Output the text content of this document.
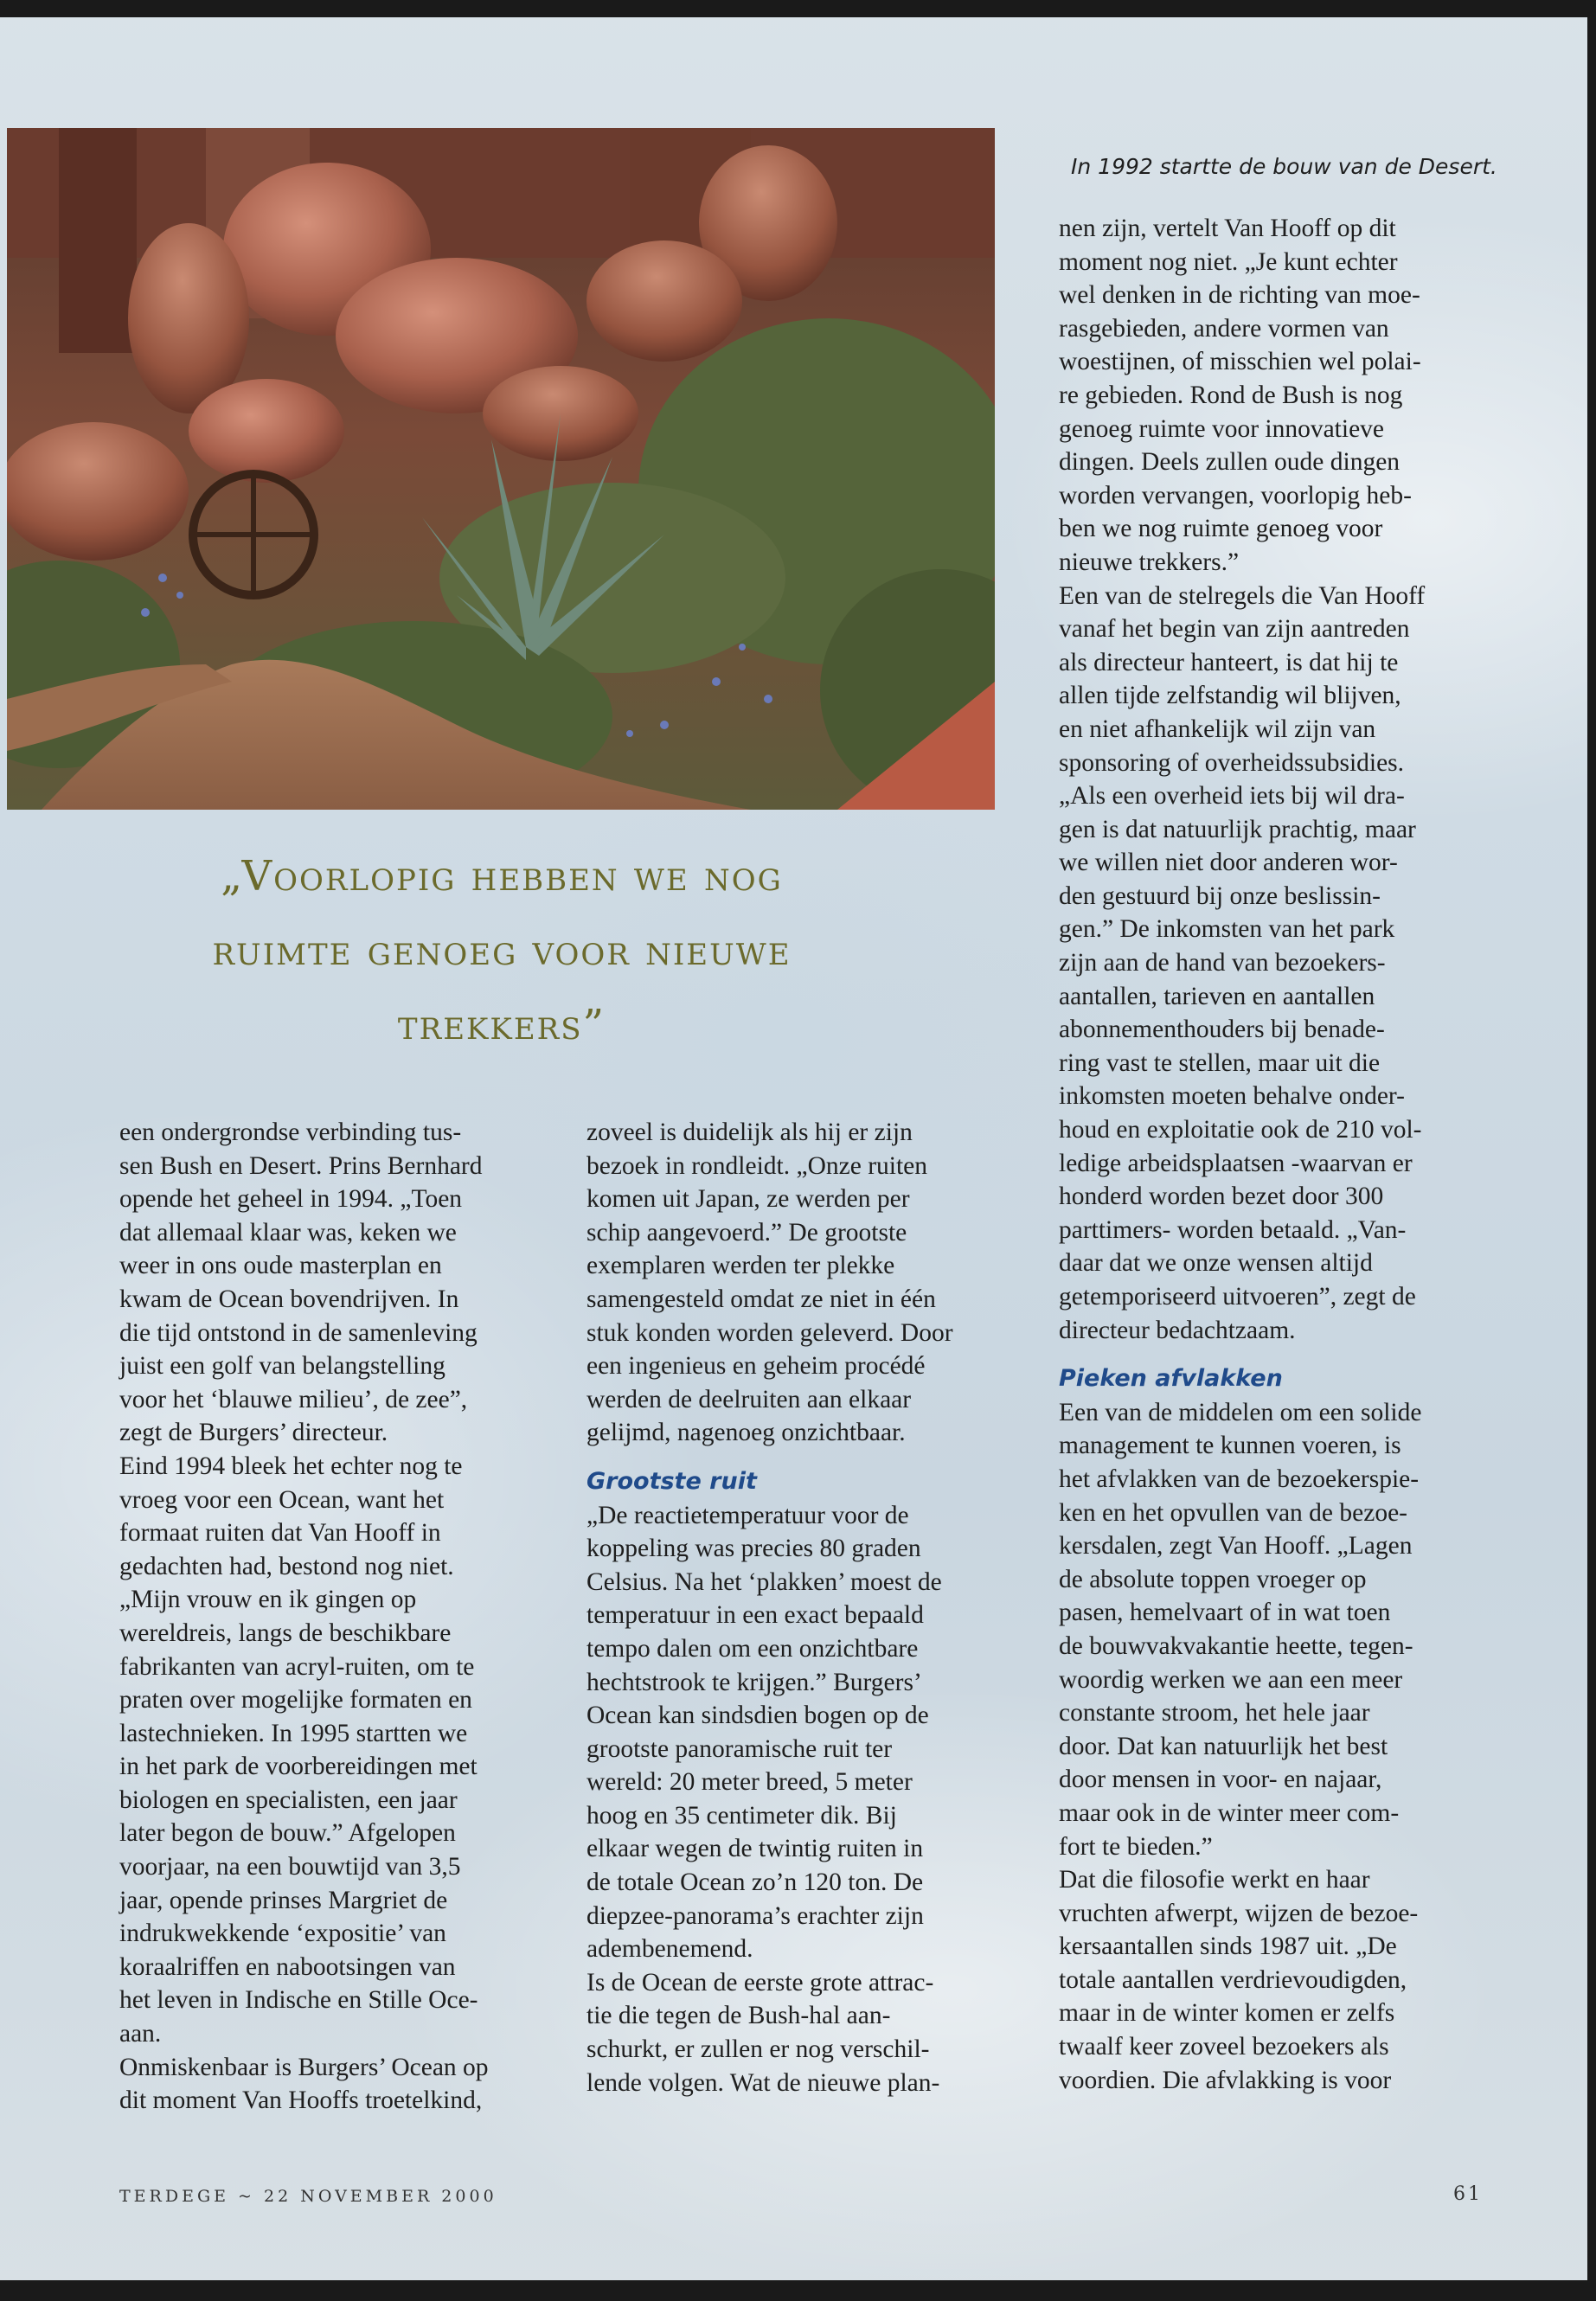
In 1992 startte de bouw van de Desert.
„Voorlopig hebben we nog
ruimte genoeg voor nieuwe
trekkers”
een ondergrondse verbinding tus-
sen Bush en Desert. Prins Bernhard
opende het geheel in 1994. „Toen
dat allemaal klaar was, keken we
weer in ons oude masterplan en
kwam de Ocean bovendrijven. In
die tijd ontstond in de samenleving
juist een golf van belangstelling
voor het ‘blauwe milieu’, de zee”,
zegt de Burgers’ directeur.
Eind 1994 bleek het echter nog te
vroeg voor een Ocean, want het
formaat ruiten dat Van Hooff in
gedachten had, bestond nog niet.
„Mijn vrouw en ik gingen op
wereldreis, langs de beschikbare
fabrikanten van acryl-ruiten, om te
praten over mogelijke formaten en
lastechnieken. In 1995 startten we
in het park de voorbereidingen met
biologen en specialisten, een jaar
later begon de bouw.” Afgelopen
voorjaar, na een bouwtijd van 3,5
jaar, opende prinses Margriet de
indrukwekkende ‘expositie’ van
koraalriffen en nabootsingen van
het leven in Indische en Stille Oce-
aan.
Onmiskenbaar is Burgers’ Ocean op
dit moment Van Hooffs troetelkind,
zoveel is duidelijk als hij er zijn
bezoek in rondleidt. „Onze ruiten
komen uit Japan, ze werden per
schip aangevoerd.” De grootste
exemplaren werden ter plekke
samengesteld omdat ze niet in één
stuk konden worden geleverd. Door
een ingenieus en geheim procédé
werden de deelruiten aan elkaar
gelijmd, nagenoeg onzichtbaar.
Grootste ruit
„De reactietemperatuur voor de
koppeling was precies 80 graden
Celsius. Na het ‘plakken’ moest de
temperatuur in een exact bepaald
tempo dalen om een onzichtbare
hechtstrook te krijgen.” Burgers’
Ocean kan sindsdien bogen op de
grootste panoramische ruit ter
wereld: 20 meter breed, 5 meter
hoog en 35 centimeter dik. Bij
elkaar wegen de twintig ruiten in
de totale Ocean zo’n 120 ton. De
diepzee-panorama’s erachter zijn
adembenemend.
Is de Ocean de eerste grote attrac-
tie die tegen de Bush-hal aan-
schurkt, er zullen er nog verschil-
lende volgen. Wat de nieuwe plan-
nen zijn, vertelt Van Hooff op dit
moment nog niet. „Je kunt echter
wel denken in de richting van moe-
rasgebieden, andere vormen van
woestijnen, of misschien wel polai-
re gebieden. Rond de Bush is nog
genoeg ruimte voor innovatieve
dingen. Deels zullen oude dingen
worden vervangen, voorlopig heb-
ben we nog ruimte genoeg voor
nieuwe trekkers.”
Een van de stelregels die Van Hooff
vanaf het begin van zijn aantreden
als directeur hanteert, is dat hij te
allen tijde zelfstandig wil blijven,
en niet afhankelijk wil zijn van
sponsoring of overheidssubsidies.
„Als een overheid iets bij wil dra-
gen is dat natuurlijk prachtig, maar
we willen niet door anderen wor-
den gestuurd bij onze beslissin-
gen.” De inkomsten van het park
zijn aan de hand van bezoekers-
aantallen, tarieven en aantallen
abonnementhouders bij benade-
ring vast te stellen, maar uit die
inkomsten moeten behalve onder-
houd en exploitatie ook de 210 vol-
ledige arbeidsplaatsen -waarvan er
honderd worden bezet door 300
parttimers- worden betaald. „Van-
daar dat we onze wensen altijd
getemporiseerd uitvoeren”, zegt de
directeur bedachtzaam.
Pieken afvlakken
Een van de middelen om een solide
management te kunnen voeren, is
het afvlakken van de bezoekerspie-
ken en het opvullen van de bezoe-
kersdalen, zegt Van Hooff. „Lagen
de absolute toppen vroeger op
pasen, hemelvaart of in wat toen
de bouwvakvakantie heette, tegen-
woordig werken we aan een meer
constante stroom, het hele jaar
door. Dat kan natuurlijk het best
door mensen in voor- en najaar,
maar ook in de winter meer com-
fort te bieden.”
Dat die filosofie werkt en haar
vruchten afwerpt, wijzen de bezoe-
kersaantallen sinds 1987 uit. „De
totale aantallen verdrievoudigden,
maar in de winter komen er zelfs
twaalf keer zoveel bezoekers als
voordien. Die afvlakking is voor
TERDEGE ~ 22 NOVEMBER 2000	61
